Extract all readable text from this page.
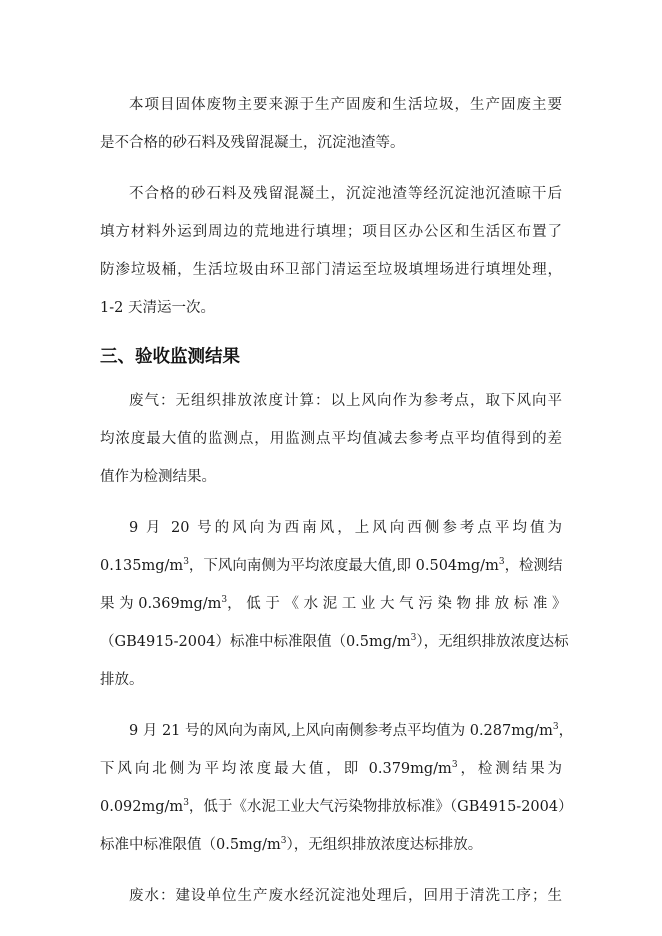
本项目固体废物主要来源于生产固废和生活垃圾，生产固废主要
是不合格的砂石料及残留混凝土，沉淀池渣等。
不合格的砂石料及残留混凝土，沉淀池渣等经沉淀池沉渣晾干后
填方材料外运到周边的荒地进行填埋；项目区办公区和生活区布置了
防渗垃圾桶，生活垃圾由环卫部门清运至垃圾填埋场进行填埋处理，
1-2 天清运一次。
三、验收监测结果
废气：无组织排放浓度计算：以上风向作为参考点，取下风向平
均浓度最大值的监测点，用监测点平均值减去参考点平均值得到的差
值作为检测结果。
9 月 20 号的风向为西南风，上风向西侧参考点平均值为
$0.135mg/m^3$，下风向南侧为平均浓度最大值,即 $0.504mg/m^3$，检测结
果 为 $0.369mg/m^3$， 低 于 《 水 泥 工 业 大 气 污 染 物 排 放 标 准 》
（GB4915-2004）标准中标准限值$(0.5mg/m^3)$，无组织排放浓度达标
排放。
9 月 21 号的风向为南风,上风向南侧参考点平均值为 $0.287mg/m^3$，
下风向北侧为平均浓度最大值，即 $0.379mg/m^3$，检测结果为
$0.092mg/m^3$，低于《水泥工业大气污染物排放标准》（GB4915-2004）
标准中标准限值$(0.5mg/m^3)$，无组织排放浓度达标排放。
废水：建设单位生产废水经沉淀池处理后，回用于清洗工序；生
